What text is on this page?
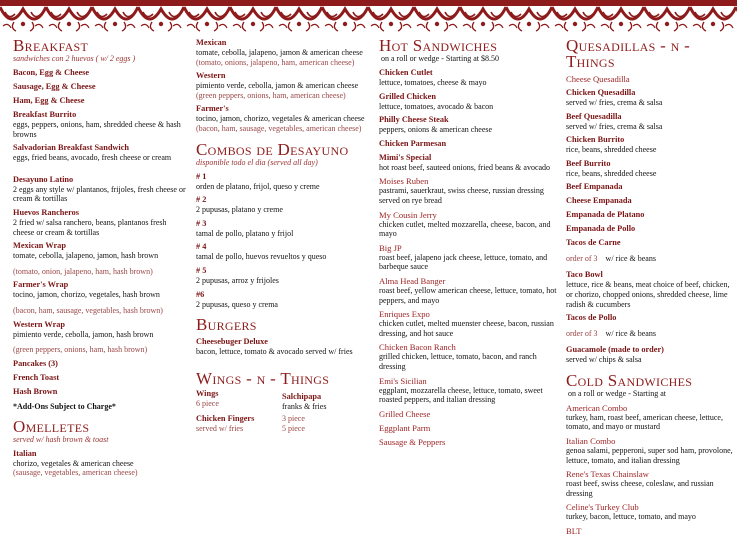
Breakfast
sandwiches con 2 huevos ( w/ 2 eggs )
Bacon, Egg & Cheese
Sausage, Egg & Cheese
Ham, Egg & Cheese
Breakfast Burrito
eggs, peppers, onions, ham, shredded cheese & hash browns
Salvadorian Breakfast Sandwich
eggs, fried beans, avocado, fresh cheese or cream
Desayuno Latino
2 eggs any style w/ plantanos, frijoles, fresh cheese or cream & tortillas
Huevos Rancheros
2 fried w/ salsa ranchero, beans, plantanos fresh cheese or cream & tortillas
Mexican Wrap
tomate, cebolla, jalapeno, jamon, hash brown
(tomato, onion, jalapeno, ham, hash brown)
Farmer's Wrap
tocino, jamon, chorizo, vegetales, hash brown
(bacon, ham, sausage, vegetables, hash brown)
Western Wrap
pimiento verde, cebolla, jamon, hash brown
(green peppers, onions, ham, hash brown)
Pancakes (3)
French Toast
Hash Brown
*Add-Ons Subject to Charge*
Omelletes
served w/ hash brown & toast
Italian
chorizo, vegetales & american cheese
(sausage, vegetables, american cheese)
Mexican
tomate, cebolla, jalapeno, jamon & american cheese
(tomato, onions, jalapeno, ham, american cheese)
Western
pimiento verde, cebolla, jamon & american cheese
(green peppers, onions, ham, american cheese)
Farmer's
tocino, jamon, chorizo, vegetales & american cheese
(bacon, ham, sausage, vegetables, american cheese)
Combos de Desayuno
disponible todo el dia (served all day)
# 1
orden de platano, frijol, queso y creme
# 2
2 pupusas, platano y creme
# 3
tamal de pollo, platano y frijol
# 4
tamal de pollo, huevos revueltos y queso
# 5
2 pupusas, arroz y frijoles
#6
2 pupusas, queso y crema
Burgers
Cheesebuger Deluxe
bacon, lettuce, tomato & avocado served w/ fries
Wings - n - Things
Wings
6 piece
Salchipapa
franks & fries
Chicken Fingers
served w/ fries
3 piece
5 piece
Hot Sandwiches
on a roll or wedge - Starting at $8.50
Chicken Cutlet
lettuce, tomatoes, cheese & mayo
Grilled Chicken
lettuce, tomatoes, avocado & bacon
Philly Cheese Steak
peppers, onions & american cheese
Chicken Parmesan
Mimi's Special
hot roast beef, sauteed onions, fried beans & avocado
Moises Ruben
pastrami, sauerkraut, swiss cheese, russian dressing served on rye bread
My Cousin Jerry
chicken cutlet, melted mozzarella, cheese, bacon, and mayo
Big JP
roast beef, jalapeno jack cheese, lettuce, tomato, and barbeque sauce
Alma Head Banger
roast beef, yellow american cheese, lettuce, tomato, hot peppers, and mayo
Enriques Expo
chicken cutlet, melted muenster cheese, bacon, russian dressing, and hot sauce
Chicken Bacon Ranch
grilled chicken, lettuce, tomato, bacon, and ranch dressing
Emi's Sicilian
eggplant, mozzarella cheese, lettuce, tomato, sweet roasted peppers, and italian dressing
Grilled Cheese
Eggplant Parm
Sausage & Peppers
Quesadillas - n - Things
Cheese Quesadilla
Chicken Quesadilla
served w/ fries, crema & salsa
Beef Quesadilla
served w/ fries, crema & salsa
Chicken Burrito
rice, beans, shredded cheese
Beef Burrito
rice, beans, shredded cheese
Beef Empanada
Cheese Empanada
Empanada de Platano
Empanada de Pollo
Tacos de Carne
order of 3 w/ rice & beans
Taco Bowl
lettuce, rice & beans, meat choice of beef, chicken, or chorizo, chopped onions, shredded cheese, lime radish & cucumbers
Tacos de Pollo
order of 3 w/ rice & beans
Guacamole (made to order)
served w/ chips & salsa
Cold Sandwiches
on a roll or wedge - Starting at
American Combo
turkey, ham, roast beef, american cheese, lettuce, tomato, and mayo or mustard
Italian Combo
genoa salami, pepperoni, super sod ham, provolone, lettuce, tomato, and italian dressing
Rene's Texas Chainslaw
roast beef, swiss cheese, coleslaw, and russian dressing
Celine's Turkey Club
turkey, bacon, lettuce, tomato, and mayo
BLT
